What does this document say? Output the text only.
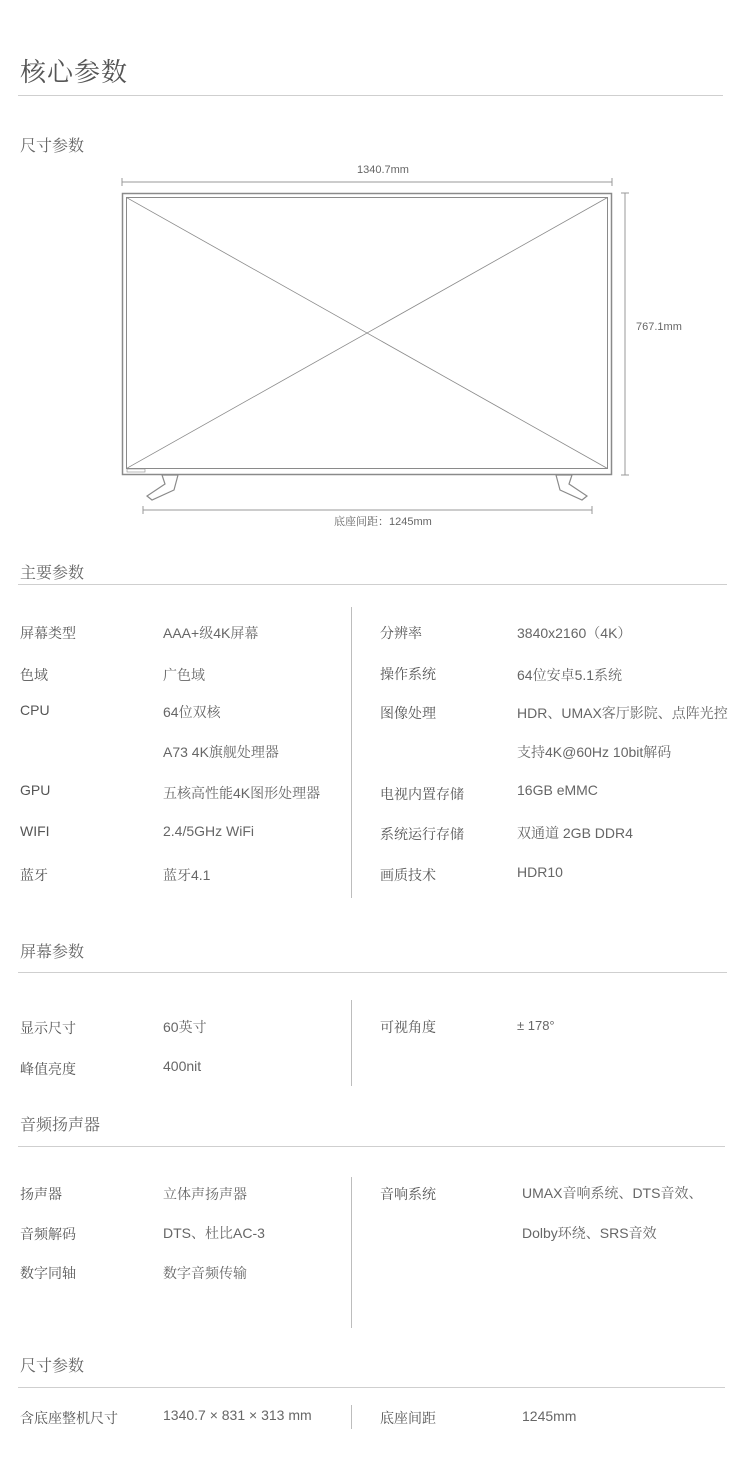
核心参数
尺寸参数
1340.7mm
767.1mm
底座间距：1245mm
主要参数
屏幕类型	AAA+级4K屏幕
色域	广色域
CPU	64位双核
A73 4K旗舰处理器
GPU	五核高性能4K图形处理器
WIFI	2.4/5GHz WiFi
蓝牙	蓝牙4.1
分辨率	3840x2160（4K）
操作系统	64位安卓5.1系统
图像处理	HDR、UMAX客厅影院、点阵光控
支持4K@60Hz 10bit解码
电视内置存储	16GB eMMC
系统运行存储	双通道 2GB DDR4
画质技术	HDR10
屏幕参数
显示尺寸	60英寸
峰值亮度	400nit
可视角度	± 178°
音频扬声器
扬声器	立体声扬声器
音频解码	DTS、杜比AC-3
数字同轴	数字音频传输
音响系统	UMAX音响系统、DTS音效、
Dolby环绕、SRS音效
尺寸参数
含底座整机尺寸	1340.7 × 831 × 313 mm	底座间距	1245mm
